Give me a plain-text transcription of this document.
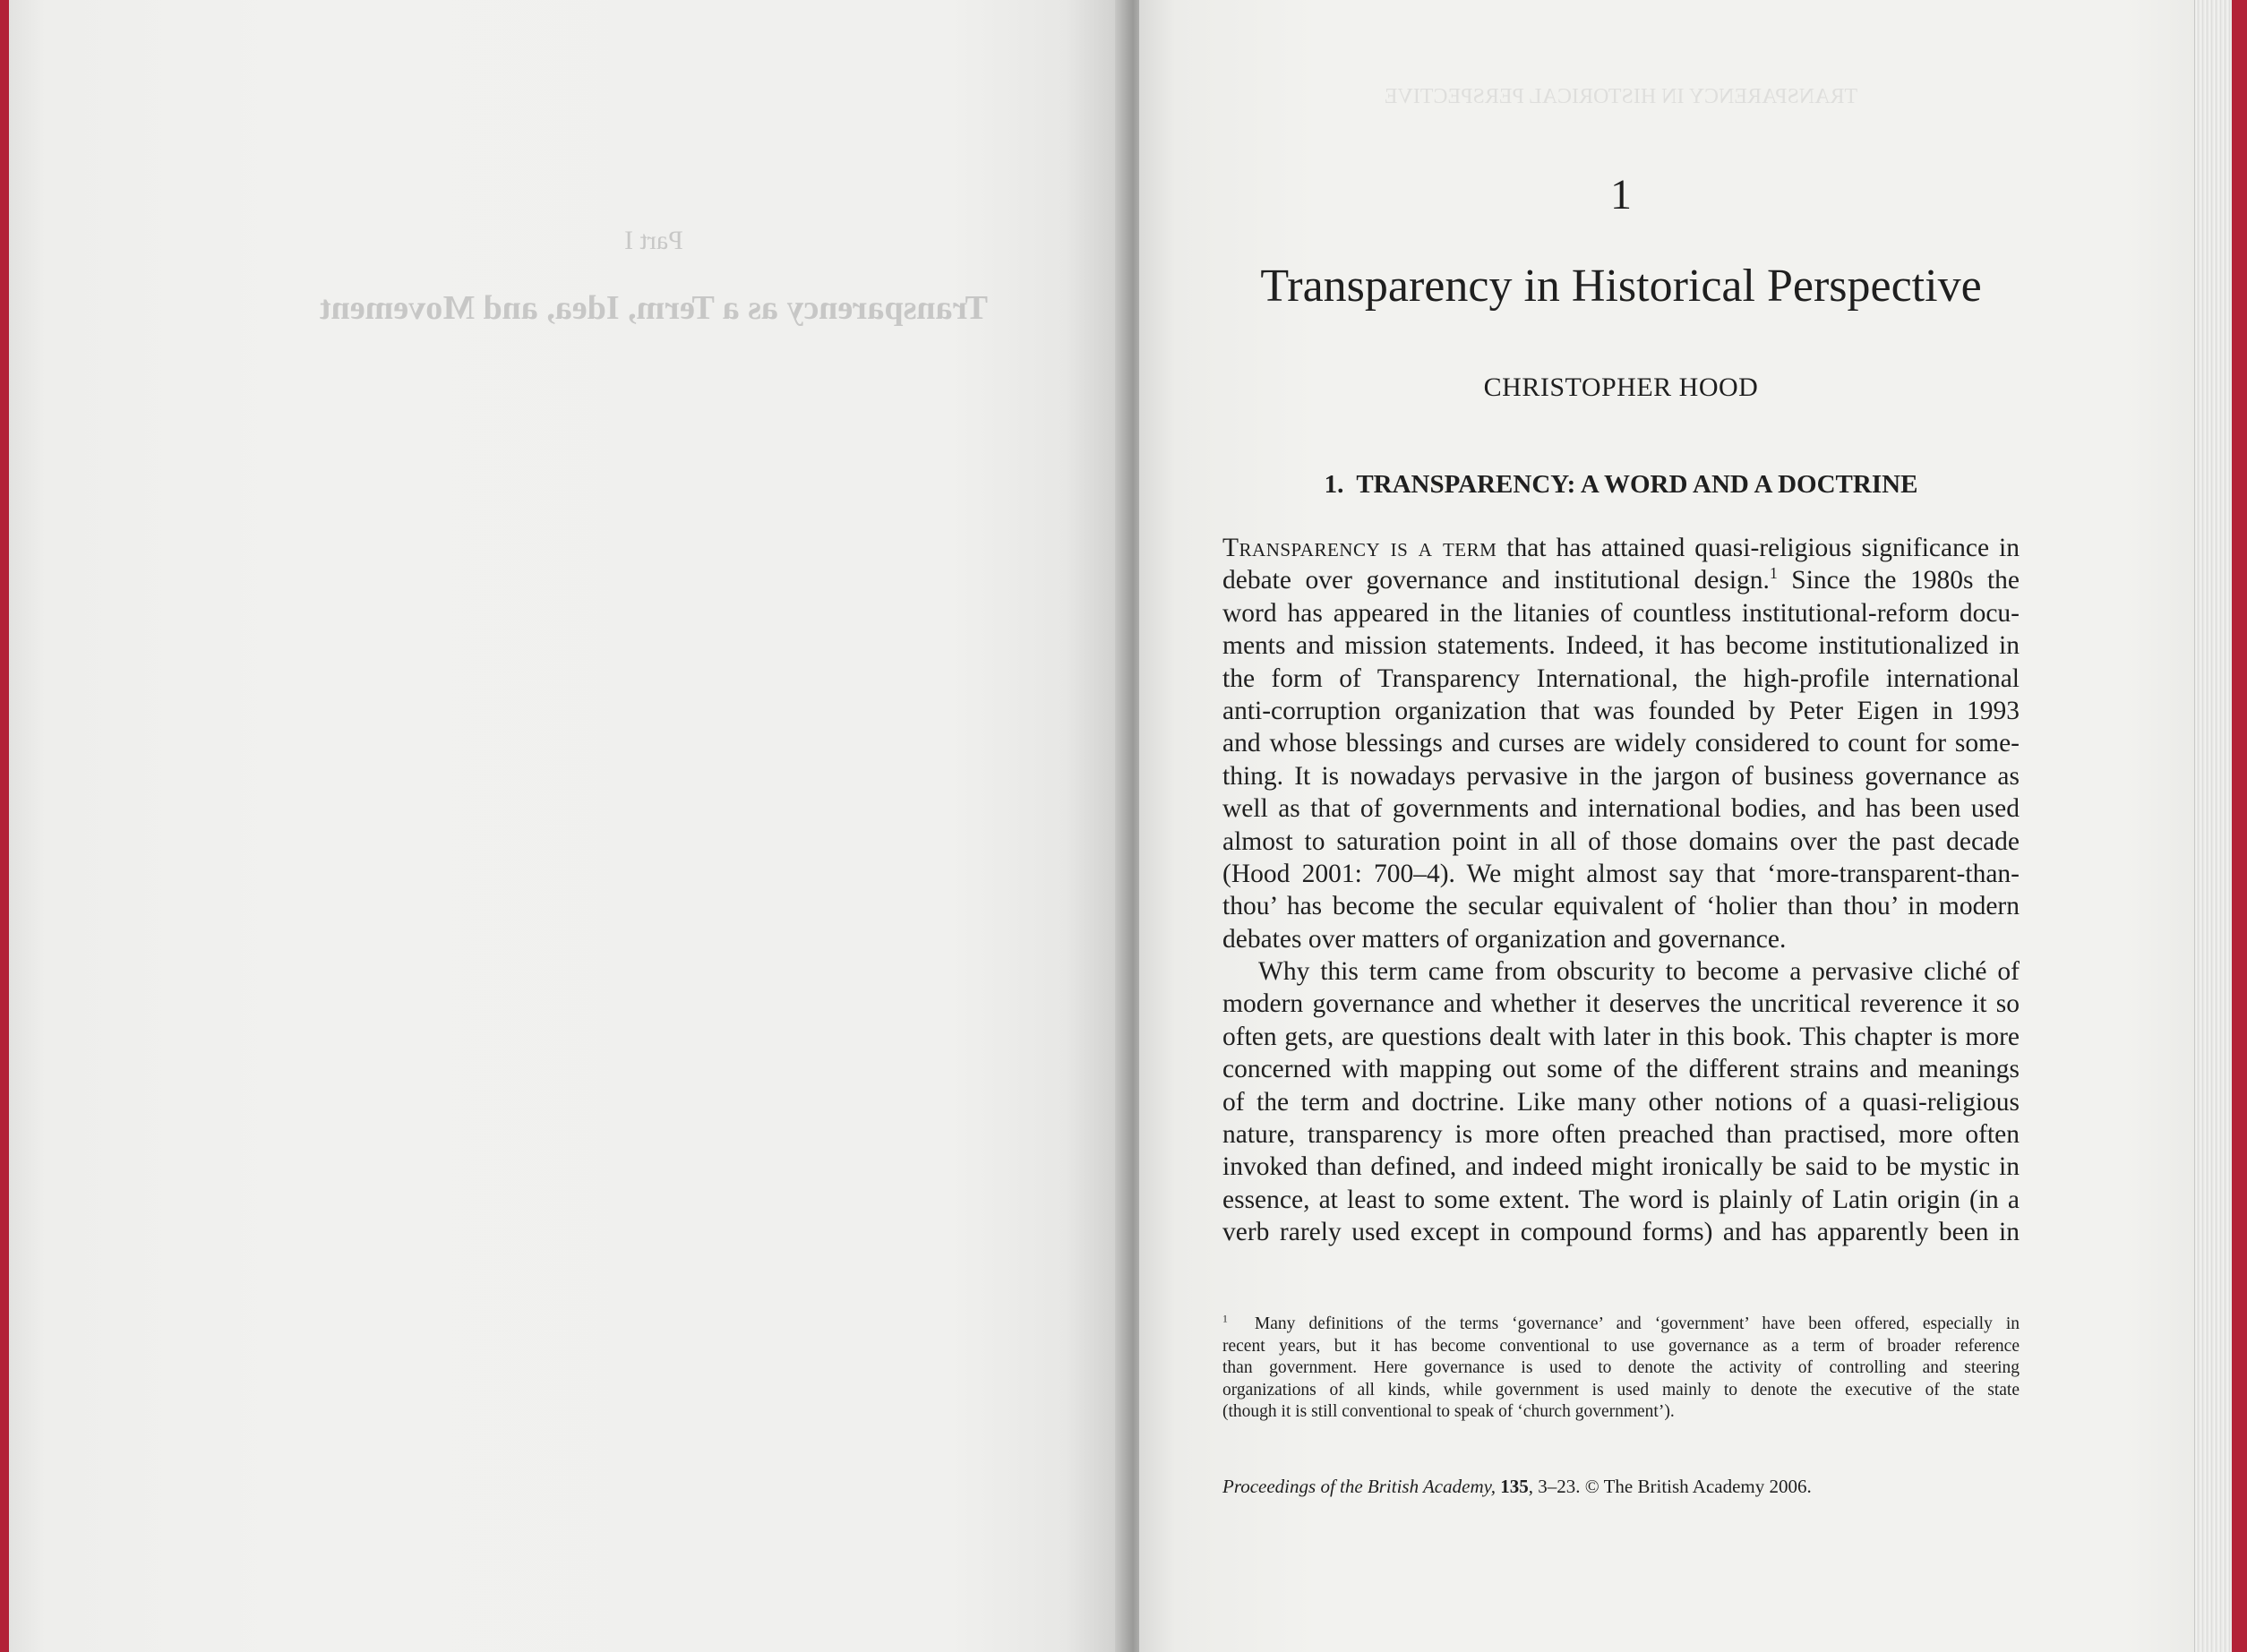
Part I
Transparency as a Term, Idea, and Movement
TRANSPARENCY IN HISTORICAL PERSPECTIVE
1
Transparency in Historical Perspective
CHRISTOPHER HOOD
1. TRANSPARENCY: A WORD AND A DOCTRINE
Transparency is a term that has attained quasi-religious significance in
debate over governance and institutional design.$^1$ Since the 1980s the
word has appeared in the litanies of countless institutional-reform docu-
ments and mission statements. Indeed, it has become institutionalized in
the form of Transparency International, the high-profile international
anti-corruption organization that was founded by Peter Eigen in 1993
and whose blessings and curses are widely considered to count for some-
thing. It is nowadays pervasive in the jargon of business governance as
well as that of governments and international bodies, and has been used
almost to saturation point in all of those domains over the past decade
(Hood 2001: 700–4). We might almost say that ‘more-transparent-than-
thou’ has become the secular equivalent of ‘holier than thou’ in modern
debates over matters of organization and governance.
Why this term came from obscurity to become a pervasive cliché of
modern governance and whether it deserves the uncritical reverence it so
often gets, are questions dealt with later in this book. This chapter is more
concerned with mapping out some of the different strains and meanings
of the term and doctrine. Like many other notions of a quasi-religious
nature, transparency is more often preached than practised, more often
invoked than defined, and indeed might ironically be said to be mystic in
essence, at least to some extent. The word is plainly of Latin origin (in a
verb rarely used except in compound forms) and has apparently been in
$^1$ Many definitions of the terms ‘governance’ and ‘government’ have been offered, especially in
recent years, but it has become conventional to use governance as a term of broader reference
than government. Here governance is used to denote the activity of controlling and steering
organizations of all kinds, while government is used mainly to denote the executive of the state
(though it is still conventional to speak of ‘church government’).
Proceedings of the British Academy, 135, 3–23. © The British Academy 2006.
